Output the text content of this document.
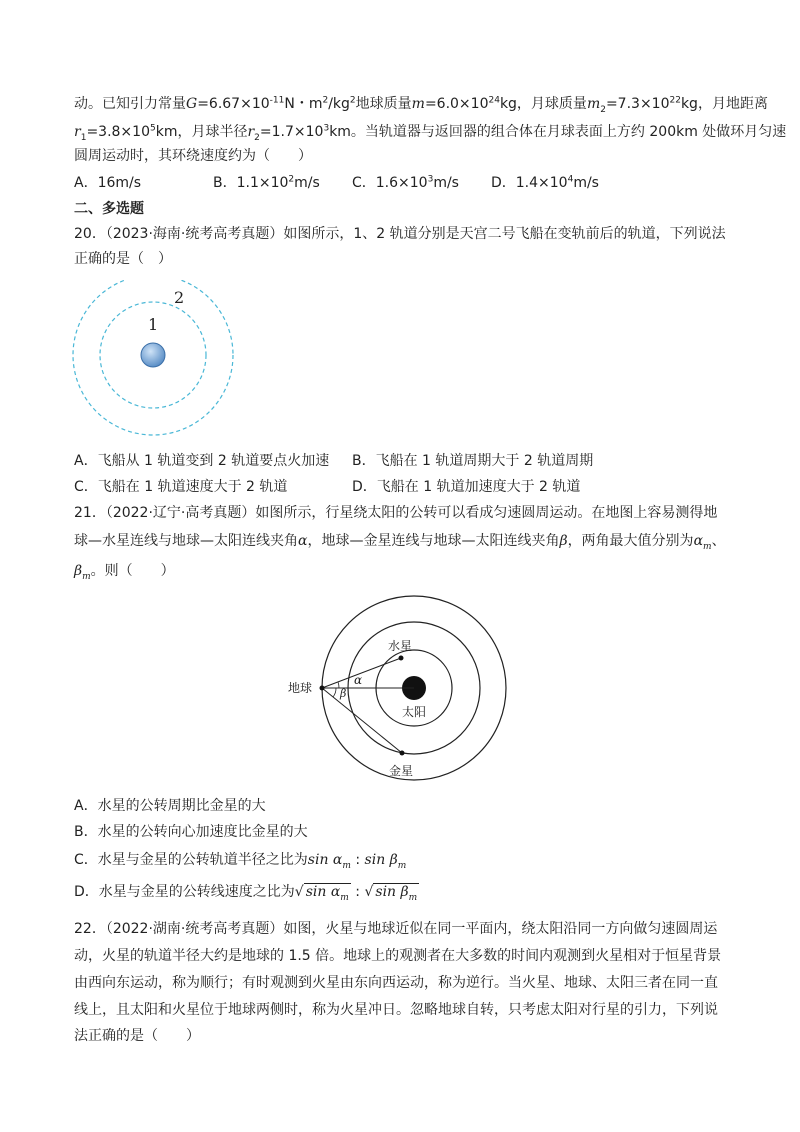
动。已知引力常量$G=6.67\times 10^{-11}N$・$m^2/kg^2$地球质量$m=6.0\times 10^{24}kg$，月球质量$m_2=7.3\times 10^{22}kg$，月地距离
$r_1=3.8\times 10^5km$，月球半径$r_2=1.7\times 10^3km$。当轨道器与返回器的组合体在月球表面上方约 200km 处做环月匀速
圆周运动时，其环绕速度约为（　　）
A．16m/s	B．$1.1\times 10^2m/s$ C．$1.6\times 10^3m/s$ D．$1.4\times 10^4m/s$
二、多选题
20．（2023·海南·统考高考真题）如图所示，1、2 轨道分别是天宫二号飞船在变轨前后的轨道，下列说法
正确的是（　）
1
2
A．飞船从 1 轨道变到 2 轨道要点火加速 B．飞船在 1 轨道周期大于 2 轨道周期
C．飞船在 1 轨道速度大于 2 轨道	D．飞船在 1 轨道加速度大于 2 轨道
21．（2022·辽宁·高考真题）如图所示，行星绕太阳的公转可以看成匀速圆周运动。在地图上容易测得地
球—水星连线与地球—太阳连线夹角α，地球—金星连线与地球—太阳连线夹角β，两角最大值分别为$\alpha_m$、
$\beta_m$。则（　　）
水星
地球
太阳
金星
α
β
A．水星的公转周期比金星的大
B．水星的公转向心加速度比金星的大
C．水星与金星的公转轨道半径之比为$\sin \alpha_m$ : $\sin \beta_m$
D．水星与金星的公转线速度之比为√ $\sin \alpha_m$ : √ $\sin \beta_m$
22．（2022·湖南·统考高考真题）如图，火星与地球近似在同一平面内，绕太阳沿同一方向做匀速圆周运
动，火星的轨道半径大约是地球的 1.5 倍。地球上的观测者在大多数的时间内观测到火星相对于恒星背景
由西向东运动，称为顺行；有时观测到火星由东向西运动，称为逆行。当火星、地球、太阳三者在同一直
线上，且太阳和火星位于地球两侧时，称为火星冲日。忽略地球自转，只考虑太阳对行星的引力，下列说
法正确的是（　　）
